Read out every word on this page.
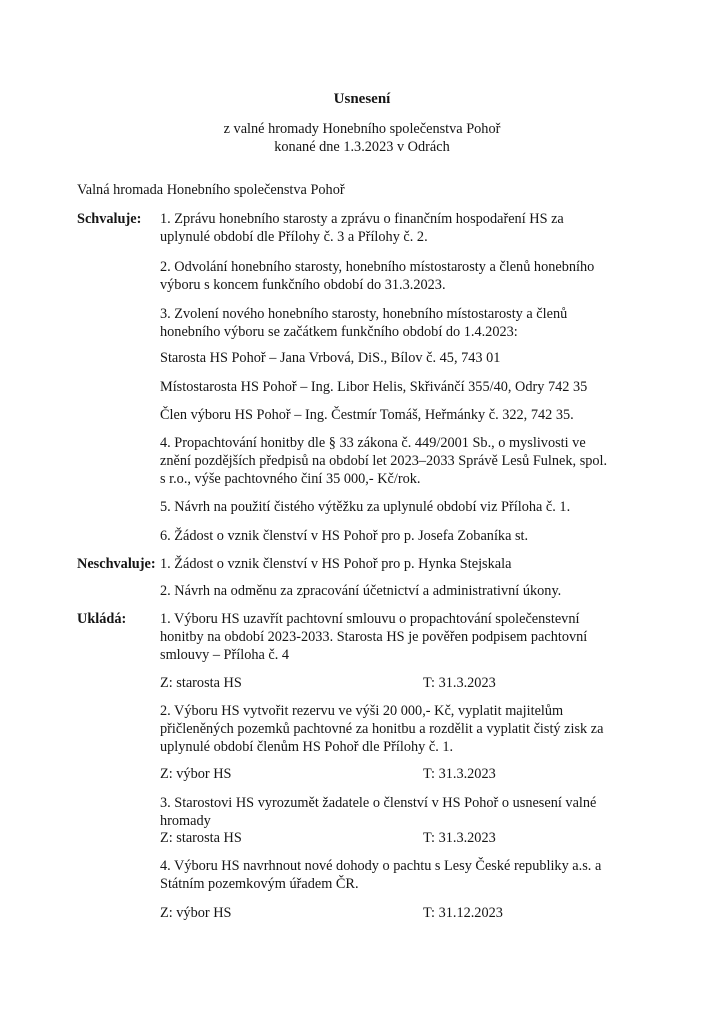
Usnesení
z valné hromady Honebního společenstva Pohoř
konané dne 1.3.2023 v Odrách
Valná hromada Honebního společenstva Pohoř
Schvaluje: 1. Zprávu honebního starosty a zprávu o finančním hospodaření HS za
uplynulé období dle Přílohy č. 3 a Přílohy č. 2.
2. Odvolání honebního starosty, honebního místostarosty a členů honebního
výboru s koncem funkčního období do 31.3.2023.
3. Zvolení nového honebního starosty, honebního místostarosty a členů
honebního výboru se začátkem funkčního období do 1.4.2023:
Starosta HS Pohoř – Jana Vrbová, DiS., Bílov č. 45, 743 01
Místostarosta HS Pohoř – Ing. Libor Helis, Skřivánčí 355/40, Odry 742 35
Člen výboru HS Pohoř – Ing. Čestmír Tomáš, Heřmánky č. 322, 742 35.
4. Propachtování honitby dle § 33 zákona č. 449/2001 Sb., o myslivosti ve
znění pozdějších předpisů na období let 2023–2033 Správě Lesů Fulnek, spol.
s r.o., výše pachtovného činí 35 000,- Kč/rok.
5. Návrh na použití čistého výtěžku za uplynulé období viz Příloha č. 1.
6. Žádost o vznik členství v HS Pohoř pro p. Josefa Zobaníka st.
Neschvaluje: 1. Žádost o vznik členství v HS Pohoř pro p. Hynka Stejskala
2. Návrh na odměnu za zpracování účetnictví a administrativní úkony.
Ukládá: 1. Výboru HS uzavřít pachtovní smlouvu o propachtování společenstevní
honitby na období 2023-2033. Starosta HS je pověřen podpisem pachtovní
smlouvy – Příloha č. 4
Z: starosta HS	T: 31.3.2023
2. Výboru HS vytvořit rezervu ve výši 20 000,- Kč, vyplatit majitelům
přičleněných pozemků pachtovné za honitbu a rozdělit a vyplatit čistý zisk za
uplynulé období členům HS Pohoř dle Přílohy č. 1.
Z: výbor HS	T: 31.3.2023
3. Starostovi HS vyrozumět žadatele o členství v HS Pohoř o usnesení valné
hromady
Z: starosta HS	T: 31.3.2023
4. Výboru HS navrhnout nové dohody o pachtu s Lesy České republiky a.s. a
Státním pozemkovým úřadem ČR.
Z: výbor HS	T: 31.12.2023
